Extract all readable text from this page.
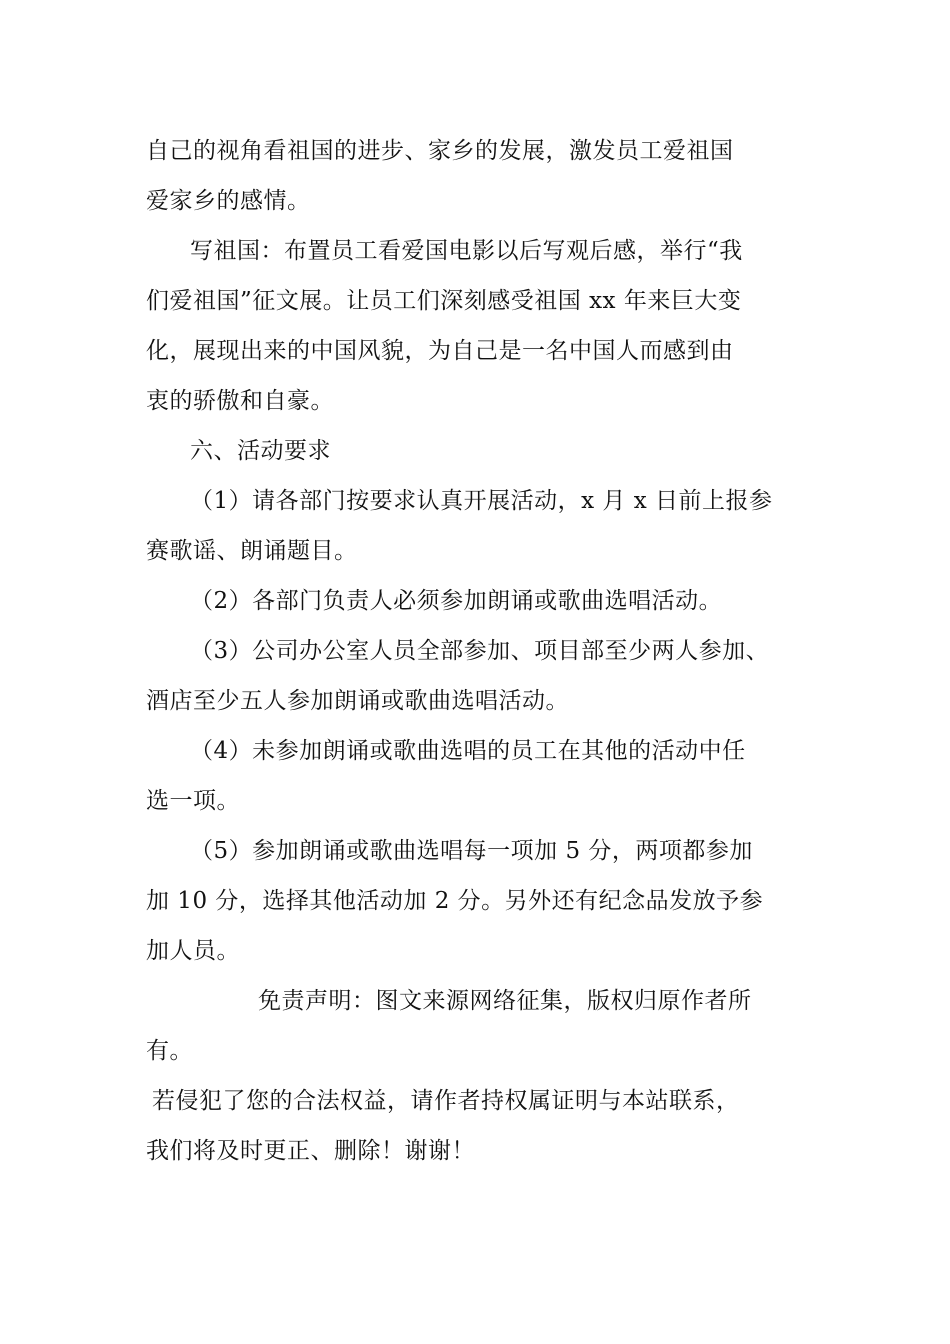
自己的视角看祖国的进步、家乡的发展，激发员工爱祖国
爱家乡的感情。
写祖国：布置员工看爱国电影以后写观后感，举行“我
们爱祖国”征文展。让员工们深刻感受祖国 xx 年来巨大变
化，展现出来的中国风貌，为自己是一名中国人而感到由
衷的骄傲和自豪。
六、活动要求
（1）请各部门按要求认真开展活动，x 月 x 日前上报参
赛歌谣、朗诵题目。
（2）各部门负责人必须参加朗诵或歌曲选唱活动。
（3）公司办公室人员全部参加、项目部至少两人参加、
酒店至少五人参加朗诵或歌曲选唱活动。
（4）未参加朗诵或歌曲选唱的员工在其他的活动中任
选一项。
（5）参加朗诵或歌曲选唱每一项加 5 分，两项都参加
加 10 分，选择其他活动加 2 分。另外还有纪念品发放予参
加人员。
免责声明：图文来源网络征集，版权归原作者所
有。
若侵犯了您的合法权益，请作者持权属证明与本站联系，
我们将及时更正、删除！谢谢！
